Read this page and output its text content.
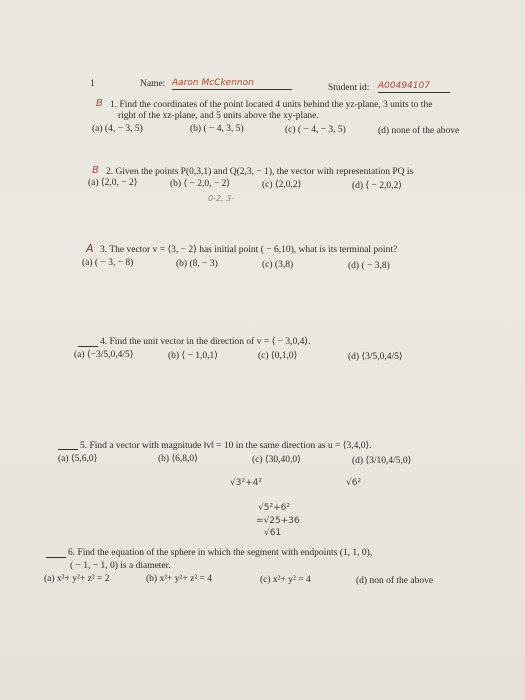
1	Name: Aaron McCkennon	Student id: A00494107
B 1. Find the coordinates of the point located 4 units behind the yz-plane, 3 units to the
right of the xz-plane, and 5 units above the xy-plane.
(a) (4, − 3, 5)	(b) ( − 4, 3, 5)	(c) ( − 4, − 3, 5)	(d) none of the above
B 2. Given the points P(0,3,1) and Q(2,3, − 1), the vector with representation PQ is
(a) ⟨2,0, − 2⟩	(b) ⟨ − 2,0, − 2⟩	(c) ⟨2,0,2⟩	(d) ⟨ − 2,0,2⟩
0-2, 3-
A 3. The vector v = ⟨3, − 2⟩ has initial point ( − 6,10), what is its terminal point?
(a) ( − 3, − 8)	(b) (8, − 3)	(c) (3,8)	(d) ( − 3,8)
4. Find the unit vector in the direction of v = ⟨ − 3,0,4⟩.
(a) ⟨−3/5,0,4/5⟩	(b) ⟨ − 1,0,1⟩	(c) ⟨0,1,0⟩	(d) ⟨3/5,0,4/5⟩
5. Find a vector with magnitude ‖v‖ = 10 in the same direction as u = ⟨3,4,0⟩.
(a) ⟨5,6,0⟩	(b) ⟨6,8,0⟩	(c) ⟨30,40,0⟩	(d) ⟨3/10,4/5,0⟩
√3²+4²	√6²
√5²+6²
=√25+36
√61
6. Find the equation of the sphere in which the segment with endpoints (1, 1, 0),
( − 1, − 1, 0) is a diameter.
(a) x²+ y²+ z² = 2	(b) x²+ y²+ z² = 4	(c) x²+ y² = 4	(d) non of the above
